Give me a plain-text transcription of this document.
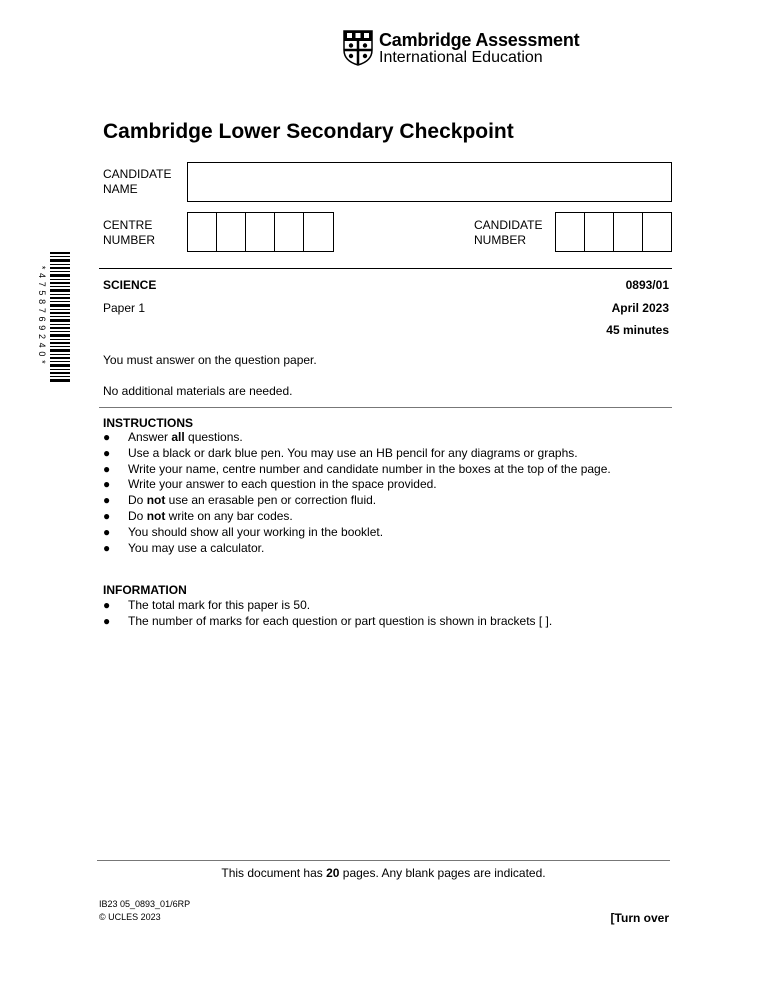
Cambridge Assessment
International Education
Cambridge Lower Secondary Checkpoint
CANDIDATE
NAME
CENTRE
NUMBER
CANDIDATE
NUMBER
* 4 7 5 8 7 6 9 2 4 0 *	SCIENCE	0893/01
Paper 1	April 2023
45 minutes
You must answer on the question paper.
No additional materials are needed.
INSTRUCTIONS
● Answer all questions.
● Use a black or dark blue pen. You may use an HB pencil for any diagrams or graphs.
● Write your name, centre number and candidate number in the boxes at the top of the page.
● Write your answer to each question in the space provided.
● Do not use an erasable pen or correction fluid.
● Do not write on any bar codes.
● You should show all your working in the booklet.
● You may use a calculator.
INFORMATION
● The total mark for this paper is 50.
● The number of marks for each question or part question is shown in brackets [ ].
This document has 20 pages. Any blank pages are indicated.
IB23 05_0893_01/6RP
© UCLES 2023	[Turn over
